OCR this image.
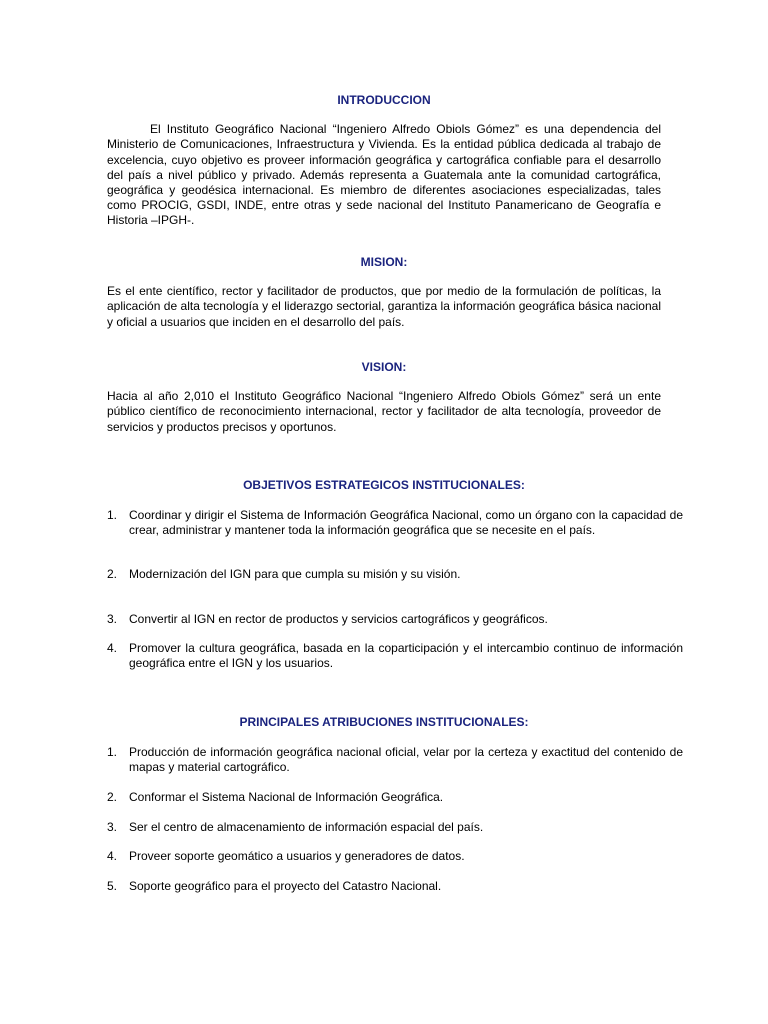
INTRODUCCION

El Instituto Geográfico Nacional “Ingeniero Alfredo Obiols Gómez” es una dependencia del Ministerio de Comunicaciones, Infraestructura y Vivienda. Es la entidad pública dedicada al trabajo de excelencia, cuyo objetivo es proveer información geográfica y cartográfica confiable para el desarrollo del país a nivel público y privado. Además representa a Guatemala ante la comunidad cartográfica, geográfica y geodésica internacional. Es miembro de diferentes asociaciones especializadas, tales como PROCIG, GSDI, INDE, entre otras y sede nacional del Instituto Panamericano de Geografía e Historia –IPGH-.

MISION:

Es el ente científico, rector y facilitador de productos, que por medio de la formulación de políticas, la aplicación de alta tecnología y el liderazgo sectorial, garantiza la información geográfica básica nacional y oficial a usuarios que inciden en el desarrollo del país.

VISION:

Hacia al año 2,010 el Instituto Geográfico Nacional “Ingeniero Alfredo Obiols Gómez” será un ente público científico de reconocimiento internacional, rector y facilitador de alta tecnología, proveedor de servicios y productos precisos y oportunos.

OBJETIVOS ESTRATEGICOS INSTITUCIONALES:
1. Coordinar y dirigir el Sistema de Información Geográfica Nacional, como un órgano con la capacidad de crear, administrar y mantener toda la información geográfica que se necesite en el país.
2. Modernización del IGN para que cumpla su misión y su visión.
3. Convertir al IGN en rector de productos y servicios cartográficos y geográficos.
4. Promover la cultura geográfica, basada en la coparticipación y el intercambio continuo de información geográfica entre el IGN y los usuarios.
PRINCIPALES ATRIBUCIONES INSTITUCIONALES:
1. Producción de información geográfica nacional oficial, velar por la certeza y exactitud del contenido de mapas y material cartográfico.
2. Conformar el Sistema Nacional de Información Geográfica.
3. Ser el centro de almacenamiento de información espacial del país.
4. Proveer soporte geomático a usuarios y generadores de datos.
5. Soporte geográfico para el proyecto del Catastro Nacional.
